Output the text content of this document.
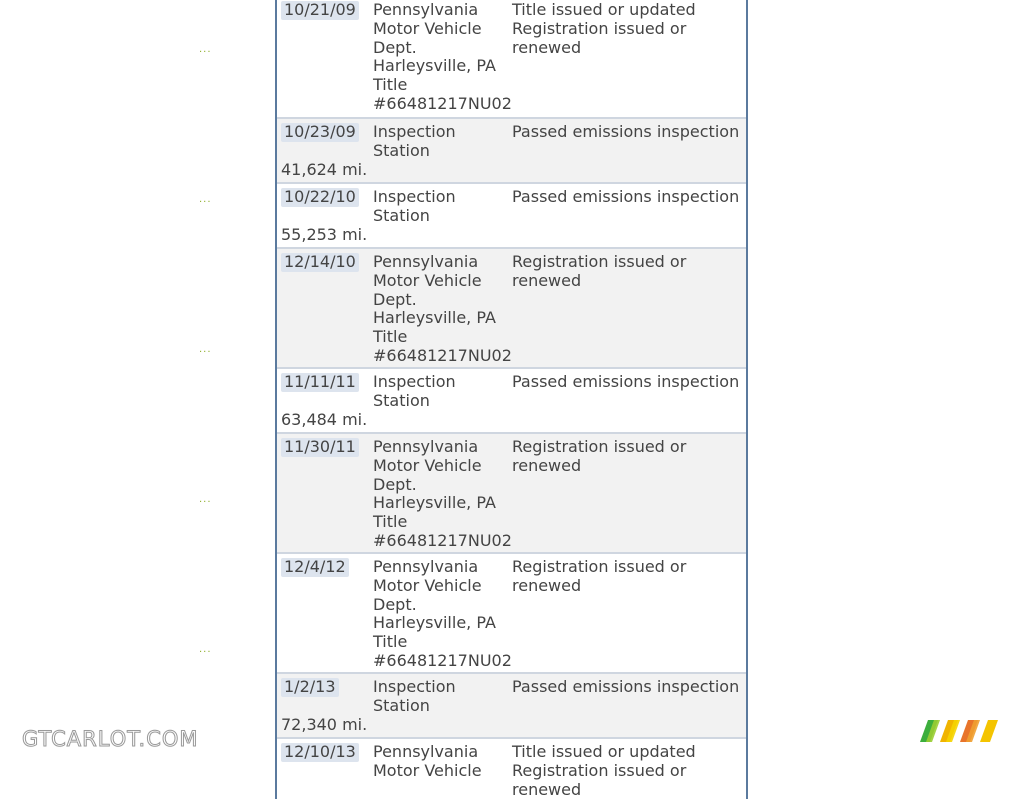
...
...
...
...
...
10/21/09 Pennsylvania
Motor Vehicle
Dept.
Harleysville, PA
Title
#66481217NU02
Title issued or updated
Registration issued or renewed
10/23/09 Inspection Station
Passed emissions inspection
41,624 mi.
10/22/10 Inspection Station
Passed emissions inspection
55,253 mi.
12/14/10 Pennsylvania
Motor Vehicle
Dept.
Harleysville, PA
Title
#66481217NU02
Registration issued or renewed
11/11/11 Inspection Station
Passed emissions inspection
63,484 mi.
11/30/11 Pennsylvania
Motor Vehicle
Dept.
Harleysville, PA
Title
#66481217NU02
Registration issued or renewed
12/4/12 Pennsylvania
Motor Vehicle
Dept.
Harleysville, PA
Title
#66481217NU02
Registration issued or renewed
1/2/13 Inspection Station
Passed emissions inspection
72,340 mi.
12/10/13 Pennsylvania
Motor Vehicle
Title issued or updated
Registration issued or renewed
GTCARLOT.COM
